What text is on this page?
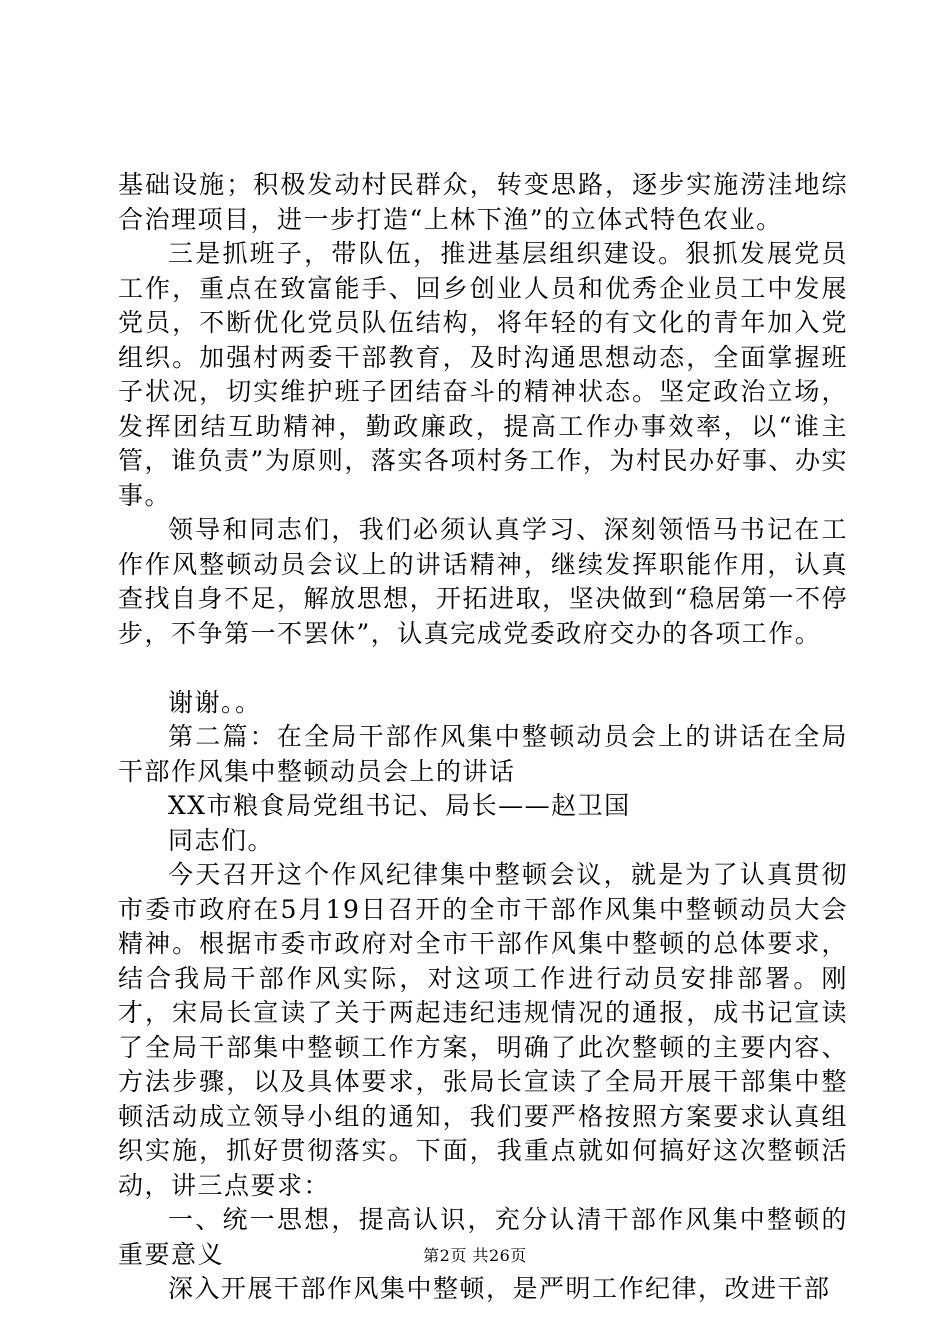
基础设施；积极发动村民群众，转变思路，逐步实施涝洼地综合治理项目，进一步打造“上林下渔”的立体式特色农业。

三是抓班子，带队伍，推进基层组织建设。狠抓发展党员工作，重点在致富能手、回乡创业人员和优秀企业员工中发展党员，不断优化党员队伍结构，将年轻的有文化的青年加入党组织。加强村两委干部教育，及时沟通思想动态，全面掌握班子状况，切实维护班子团结奋斗的精神状态。坚定政治立场，发挥团结互助精神，勤政廉政，提高工作办事效率，以“谁主管，谁负责”为原则，落实各项村务工作，为村民办好事、办实事。

领导和同志们，我们必须认真学习、深刻领悟马书记在工作作风整顿动员会议上的讲话精神，继续发挥职能作用，认真查找自身不足，解放思想，开拓进取，坚决做到“稳居第一不停步，不争第一不罢休”，认真完成党委政府交办的各项工作。

谢谢。。

第二篇：在全局干部作风集中整顿动员会上的讲话在全局干部作风集中整顿动员会上的讲话

XX市粮食局党组书记、局长——赵卫国

同志们。

今天召开这个作风纪律集中整顿会议，就是为了认真贯彻市委市政府在5月19日召开的全市干部作风集中整顿动员大会精神。根据市委市政府对全市干部作风集中整顿的总体要求，结合我局干部作风实际，对这项工作进行动员安排部署。刚才，宋局长宣读了关于两起违纪违规情况的通报，成书记宣读了全局干部集中整顿工作方案，明确了此次整顿的主要内容、方法步骤，以及具体要求，张局长宣读了全局开展干部集中整顿活动成立领导小组的通知，我们要严格按照方案要求认真组织实施，抓好贯彻落实。下面，我重点就如何搞好这次整顿活动，讲三点要求：

一、统一思想，提高认识，充分认清干部作风集中整顿的重要意义

深入开展干部作风集中整顿，是严明工作纪律，改进干部

第2页 共26页
